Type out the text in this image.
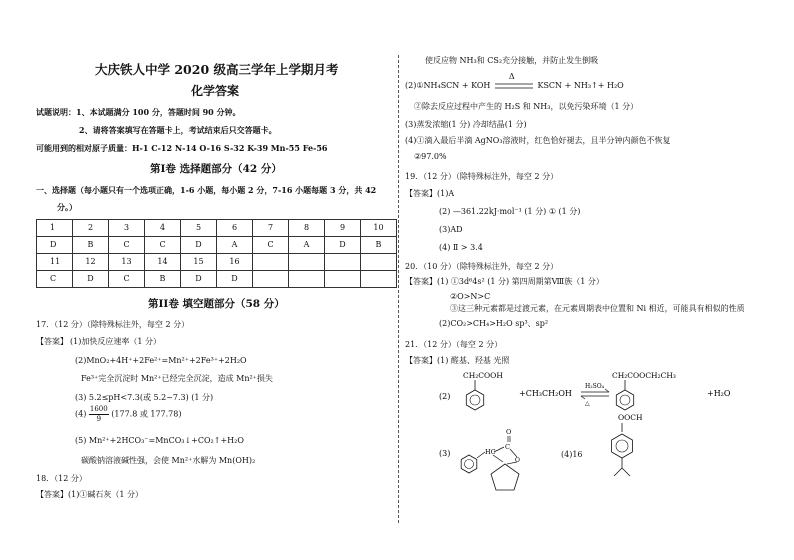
大庆铁人中学 2020 级高三学年上学期月考
化学答案
试题说明：1、本试题满分 100 分，答题时间 90 分钟。
2、请将答案填写在答题卡上，考试结束后只交答题卡。
可能用到的相对原子质量：H-1 C-12 N-14 O-16 S-32 K-39 Mn-55 Fe-56
第Ⅰ卷 选择题部分（42 分）
一、选择题（每小题只有一个选项正确，1-6 小题，每小题 2 分，7-16 小题每题 3 分，共 42
分。）
1	2	3	4	5	6	7	8	9	10
D	B	C	C	D	A	C	A	D	B
11	12	13	14	15	16				
C	D	C	B	D	D				
第ⅠⅠ卷 填空题部分（58 分）
17．（12 分）（除特殊标注外，每空 2 分）
【答案】 (1)加快反应速率（1 分）
(2)MnO₂+4H⁺+2Fe²⁺=Mn²⁺+2Fe³⁺+2H₂O
Fe³⁺完全沉淀时 Mn²⁺已经完全沉淀，造成 Mn²⁺损失
(3) 5.2≤pH<7.3(或 5.2~7.3) (1 分)
$(4) \frac{1600}{9} (177.8$ 或 177.78)
(5) Mn²⁺+2HCO₃⁻=MnCO₃↓+CO₂↑+H₂O
碳酸钠溶液碱性强，会使 Mn²⁺水解为 Mn(OH)₂
18．（12 分）
【答案】(1)①碱石灰（1 分）
使反应物 NH₃和 CS₂充分接触，并防止发生倒吸
(2)①NH₄SCN + KOH
Δ
KSCN + NH₃↑+ H₂O
②除去反应过程中产生的 H₂S 和 NH₃，以免污染环境（1 分）
(3)蒸发浓缩(1 分) 冷却结晶(1 分)
(4)①滴入最后半滴 AgNO₃溶液时，红色恰好褪去，且半分钟内颜色不恢复
②97.0%
19．（12 分）（除特殊标注外，每空 2 分）
【答案】(1)A
(2) —361.22kJ·mol⁻¹ (1 分) ① (1 分)
(3)AD
(4) Ⅱ > 3.4
20．（10 分）（除特殊标注外，每空 2 分）
【答案】(1) ①3d⁶4s² (1 分) 第四周期第Ⅷ族（1 分）
②O>N>C
③这三种元素都是过渡元素，在元素周期表中位置和 Ni 相近，可能具有相似的性质
(2)CO₂>CH₄>H₂O sp³、sp²
21．（12 分）（每空 2 分）
【答案】(1) 醛基、羟基 光照
(2)
CH₂COOH
+CH₃CH₂OH
H₂SO₄
△
CH₂COOCH₂CH₃
+H₂O
(3)
O
C
HC
O
(4)16
OOCH
